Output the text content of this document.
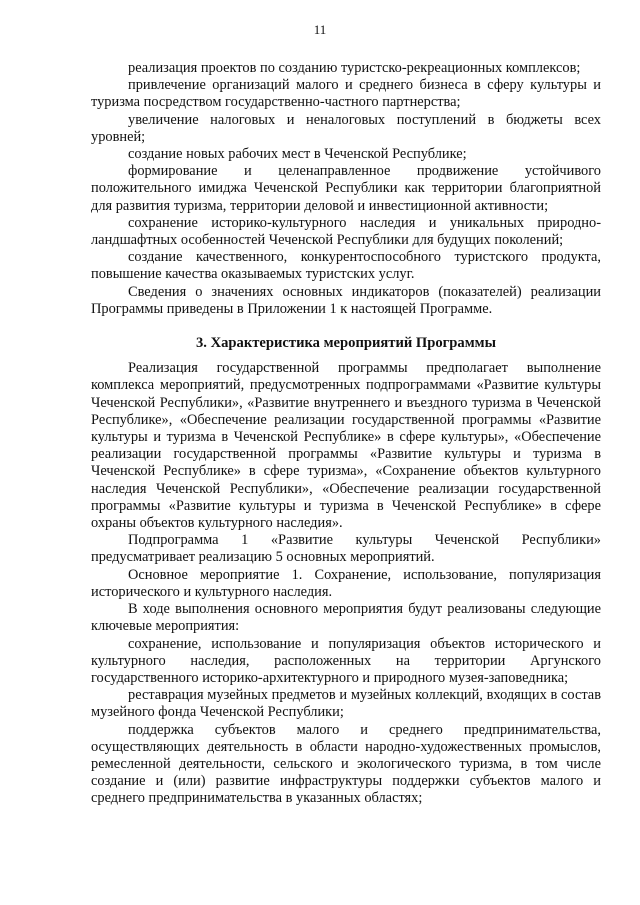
11

реализация проектов по созданию туристско-рекреационных комплексов;

привлечение организаций малого и среднего бизнеса в сферу культуры и туризма посредством государственно-частного партнерства;

увеличение налоговых и неналоговых поступлений в бюджеты всех уровней;

создание новых рабочих мест в Чеченской Республике;

формирование и целенаправленное продвижение устойчивого положительного имиджа Чеченской Республики как территории благоприятной для развития туризма, территории деловой и инвестиционной активности;

сохранение историко-культурного наследия и уникальных природно-ландшафтных особенностей Чеченской Республики для будущих поколений;

создание качественного, конкурентоспособного туристского продукта, повышение качества оказываемых туристских услуг.

Сведения о значениях основных индикаторов (показателей) реализации Программы приведены в Приложении 1 к настоящей Программе.

3. Характеристика мероприятий Программы

Реализация государственной программы предполагает выполнение комплекса мероприятий, предусмотренных подпрограммами «Развитие культуры Чеченской Республики», «Развитие внутреннего и въездного туризма в Чеченской Республике», «Обеспечение реализации государственной программы «Развитие культуры и туризма в Чеченской Республике» в сфере культуры», «Обеспечение реализации государственной программы «Развитие культуры и туризма в Чеченской Республике» в сфере туризма», «Сохранение объектов культурного наследия Чеченской Республики», «Обеспечение реализации государственной программы «Развитие культуры и туризма в Чеченской Республике» в сфере охраны объектов культурного наследия».

Подпрограмма 1 «Развитие культуры Чеченской Республики» предусматривает реализацию 5 основных мероприятий.

Основное мероприятие 1. Сохранение, использование, популяризация исторического и культурного наследия.

В ходе выполнения основного мероприятия будут реализованы следующие ключевые мероприятия:

сохранение, использование и популяризация объектов исторического и культурного наследия, расположенных на территории Аргунского государственного историко-архитектурного и природного музея-заповедника;

реставрация музейных предметов и музейных коллекций, входящих в состав музейного фонда Чеченской Республики;

поддержка субъектов малого и среднего предпринимательства, осуществляющих деятельность в области народно-художественных промыслов, ремесленной деятельности, сельского и экологического туризма, в том числе создание и (или) развитие инфраструктуры поддержки субъектов малого и среднего предпринимательства в указанных областях;
